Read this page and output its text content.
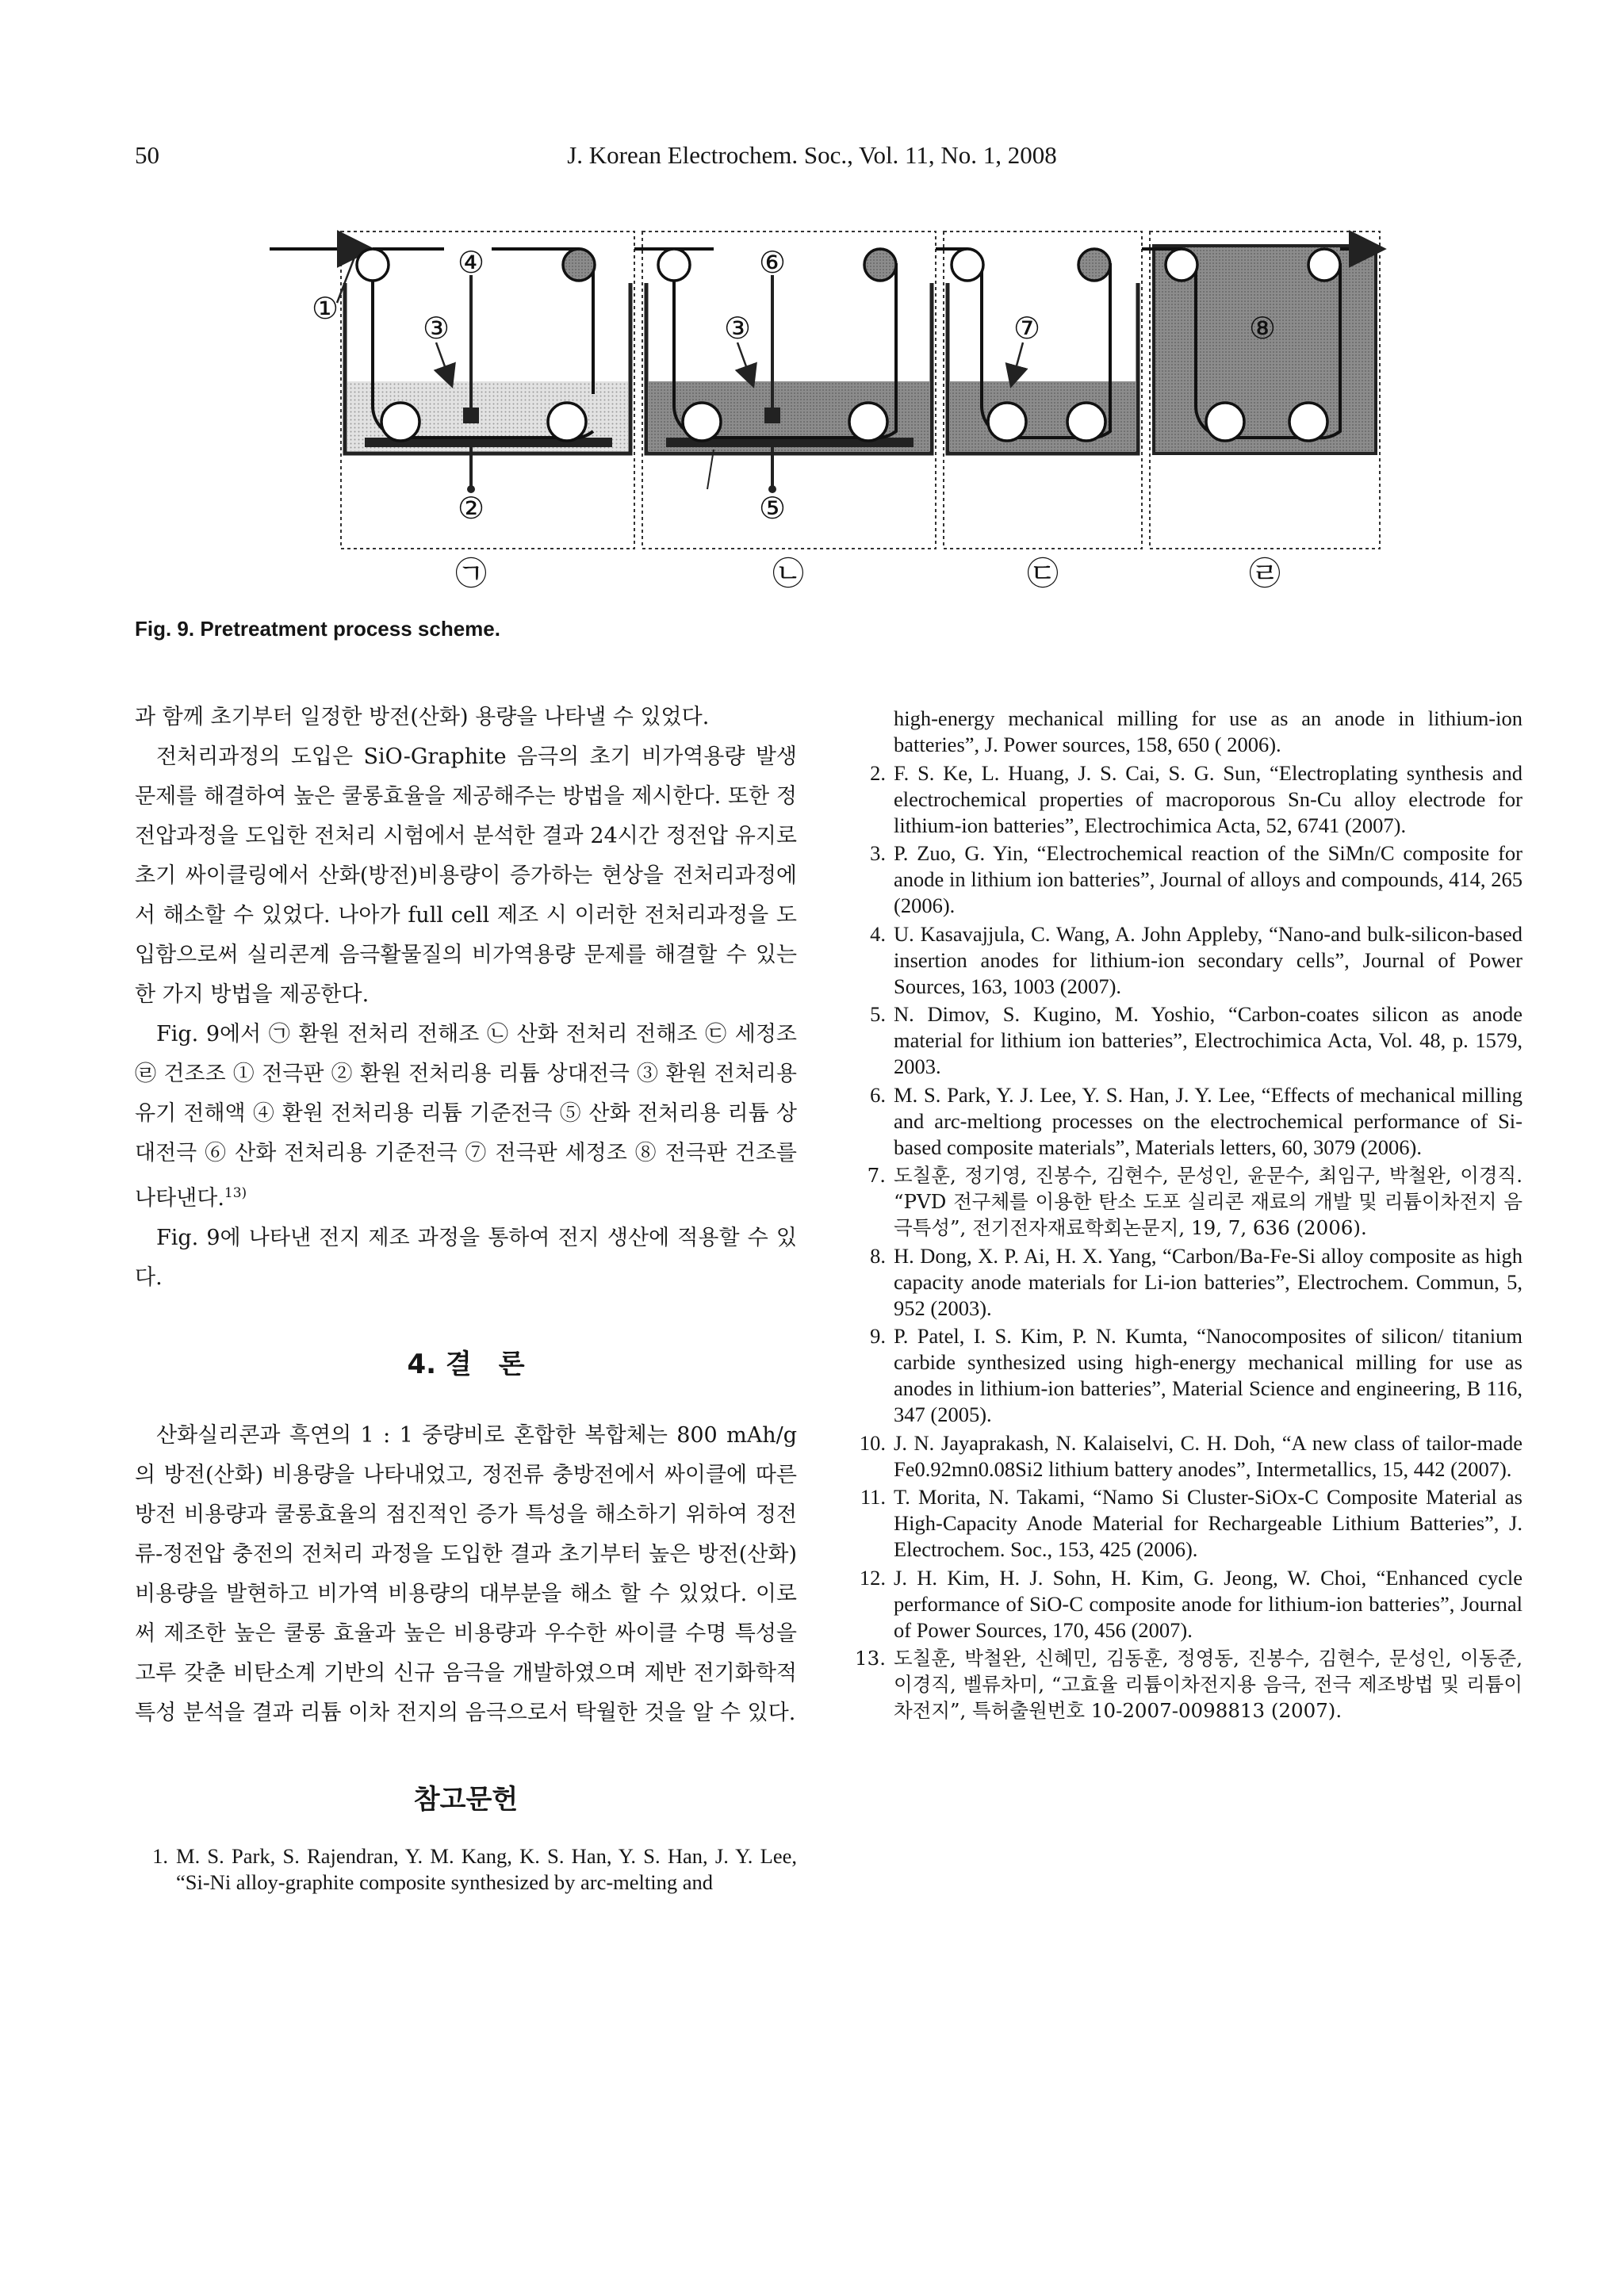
50	J. Korean Electrochem. Soc., Vol. 11, No. 1, 2008
①
②
③
④
③
⑥
⑤
⑦	⑧
㉠	㉡	㉢	㉣
Fig. 9. Pretreatment process scheme.

과 함께 초기부터 일정한 방전(산화) 용량을 나타낼 수 있었다.

전처리과정의 도입은 SiO-Graphite 음극의 초기 비가역용량 발생 문제를 해결하여 높은 쿨롱효율을 제공해주는 방법을 제시한다. 또한 정전압과정을 도입한 전처리 시험에서 분석한 결과 24시간 정전압 유지로 초기 싸이클링에서 산화(방전)비용량이 증가하는 현상을 전처리과정에서 해소할 수 있었다. 나아가 full cell 제조 시 이러한 전처리과정을 도입함으로써 실리콘계 음극활물질의 비가역용량 문제를 해결할 수 있는 한 가지 방법을 제공한다.

Fig. 9에서 ㉠ 환원 전처리 전해조 ㉡ 산화 전처리 전해조 ㉢ 세정조 ㉣ 건조조 ① 전극판 ② 환원 전처리용 리튬 상대전극 ③ 환원 전처리용 유기 전해액 ④ 환원 전처리용 리튬 기준전극 ⑤ 산화 전처리용 리튬 상대전극 ⑥ 산화 전처리용 기준전극 ⑦ 전극판 세정조 ⑧ 전극판 건조를 나타낸다.$^{13)}$

Fig. 9에 나타낸 전지 제조 과정을 통하여 전지 생산에 적용할 수 있다.

4. 결　론

산화실리콘과 흑연의 1 : 1 중량비로 혼합한 복합체는 800 mAh/g의 방전(산화) 비용량을 나타내었고, 정전류 충방전에서 싸이클에 따른 방전 비용량과 쿨롱효율의 점진적인 증가 특성을 해소하기 위하여 정전류-정전압 충전의 전처리 과정을 도입한 결과 초기부터 높은 방전(산화) 비용량을 발현하고 비가역 비용량의 대부분을 해소 할 수 있었다. 이로써 제조한 높은 쿨롱 효율과 높은 비용량과 우수한 싸이클 수명 특성을 고루 갖춘 비탄소계 기반의 신규 음극을 개발하였으며 제반 전기화학적 특성 분석을 결과 리튬 이차 전지의 음극으로서 탁월한 것을 알 수 있다.

참고문헌

1. M. S. Park, S. Rajendran, Y. M. Kang, K. S. Han, Y. S. Han, J. Y. Lee, “Si-Ni alloy-graphite composite synthesized by arc-melting and

high-energy mechanical milling for use as an anode in lithium-ion batteries”, J. Power sources, 158, 650 ( 2006).

2. F. S. Ke, L. Huang, J. S. Cai, S. G. Sun, “Electroplating synthesis and electrochemical properties of macroporous Sn-Cu alloy electrode for lithium-ion batteries”, Electrochimica Acta, 52, 6741 (2007).

3. P. Zuo, G. Yin, “Electrochemical reaction of the SiMn/C composite for anode in lithium ion batteries”, Journal of alloys and compounds, 414, 265 (2006).

4. U. Kasavajjula, C. Wang, A. John Appleby, “Nano-and bulk-silicon-based insertion anodes for lithium-ion secondary cells”, Journal of Power Sources, 163, 1003 (2007).

5. N. Dimov, S. Kugino, M. Yoshio, “Carbon-coates silicon as anode material for lithium ion batteries”, Electrochimica Acta, Vol. 48, p. 1579, 2003.

6. M. S. Park, Y. J. Lee, Y. S. Han, J. Y. Lee, “Effects of mechanical milling and arc-meltiong processes on the electrochemical performance of Si-based composite materials”, Materials letters, 60, 3079 (2006).

7. 도칠훈, 정기영, 진봉수, 김현수, 문성인, 윤문수, 최임구, 박철완, 이경직. “PVD 전구체를 이용한 탄소 도포 실리콘 재료의 개발 및 리튬이차전지 음극특성”, 전기전자재료학회논문지, 19, 7, 636 (2006).

8. H. Dong, X. P. Ai, H. X. Yang, “Carbon/Ba-Fe-Si alloy composite as high capacity anode materials for Li-ion batteries”, Electrochem. Commun, 5, 952 (2003).

9. P. Patel, I. S. Kim, P. N. Kumta, “Nanocomposites of silicon/ titanium carbide synthesized using high-energy mechanical milling for use as anodes in lithium-ion batteries”, Material Science and engineering, B 116, 347 (2005).

10. J. N. Jayaprakash, N. Kalaiselvi, C. H. Doh, “A new class of tailor-made Fe0.92mn0.08Si2 lithium battery anodes”, Intermetallics, 15, 442 (2007).

11. T. Morita, N. Takami, “Namo Si Cluster-SiOx-C Composite Material as High-Capacity Anode Material for Rechargeable Lithium Batteries”, J. Electrochem. Soc., 153, 425 (2006).

12. J. H. Kim, H. J. Sohn, H. Kim, G. Jeong, W. Choi, “Enhanced cycle performance of SiO-C composite anode for lithium-ion batteries”, Journal of Power Sources, 170, 456 (2007).

13. 도칠훈, 박철완, 신혜민, 김동훈, 정영동, 진봉수, 김현수, 문성인, 이동준, 이경직, 벨류차미, “고효율 리튬이차전지용 음극, 전극 제조방법 및 리튬이차전지”, 특허출원번호 10-2007-0098813 (2007).
